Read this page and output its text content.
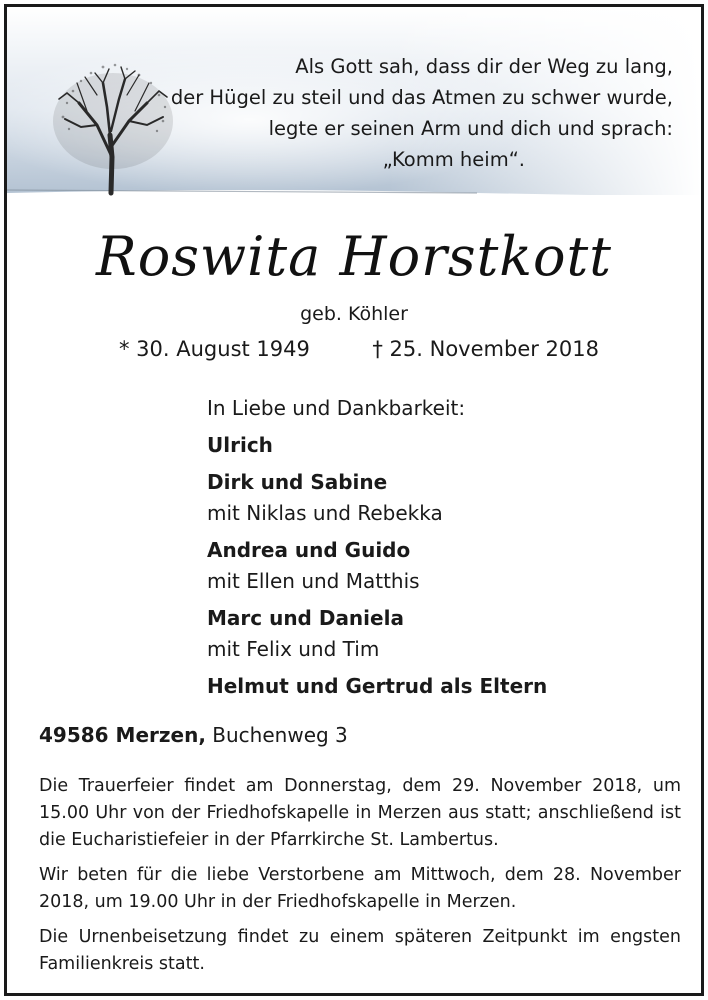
Als Gott sah, dass dir der Weg zu lang,
der Hügel zu steil und das Atmen zu schwer wurde,
legte er seinen Arm und dich und sprach:
„Komm heim“.
Roswita Horstkott
geb. Köhler
* 30. August 1949	† 25. November 2018
In Liebe und Dankbarkeit:
Ulrich
Dirk und Sabine
mit Niklas und Rebekka
Andrea und Guido
mit Ellen und Matthis
Marc und Daniela
mit Felix und Tim
Helmut und Gertrud als Eltern
49586 Merzen, Buchenweg 3

Die Trauerfeier findet am Donnerstag, dem 29. November 2018, um 15.00 Uhr von der Friedhofskapelle in Merzen aus statt; anschließend ist die Eucharistiefeier in der Pfarrkirche St. Lambertus.

Wir beten für die liebe Verstorbene am Mittwoch, dem 28. November 2018, um 19.00 Uhr in der Friedhofskapelle in Merzen.

Die Urnenbeisetzung findet zu einem späteren Zeitpunkt im engsten Familienkreis statt.
